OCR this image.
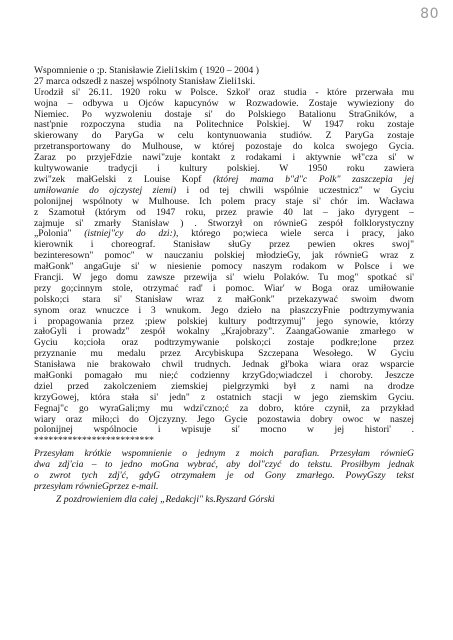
80
Wspomnienie o ;p. Stanisławie Zieli1skim ( 1920 – 2004 )
27 marca odszedł z naszej wspólnoty Stanisław Zieli1ski.
Urodził si' 26.11. 1920 roku w Polsce. Szkoł' oraz studia - które przerwała mu
wojna – odbywa u Ojców kapucynów w Rozwadowie. Zostaje wywieziony do
Niemiec. Po wyzwoleniu dostaje si' do Polskiego Batalionu StraGników, a
nast'pnie rozpoczyna studia na Politechnice Polskiej. W 1947 roku zostaje
skierowany do ParyGa w celu kontynuowania studiów. Z ParyGa zostaje
przetransportowany do Mulhouse, w której pozostaje do kolca swojego Gycia.
Zaraz po przyjeFdzie nawi"zuje kontakt z rodakami i aktywnie wł"cza si' w
kultywowanie tradycji i kultury polskiej. W 1950 roku zawiera
zwi"zek małGelski z Louise Kopf (której mama b"d"c Polk" zaszczepia jej
umiłowanie do ojczystej ziemi) i od tej chwili wspólnie uczestnicz" w Gyciu
polonijnej wspólnoty w Mulhouse. Ich polem pracy staje si' chór im. Wacława
z Szamotuł (którym od 1947 roku, przez prawie 40 lat – jako dyrygent –
zajmuje si' zmarły Stanisław ) . Stworzył on równieG zespół folklorystyczny
„Polonia" (istniej"cy do dzi:), którego po;wieca wiele serca i pracy, jako
kierownik i choreograf. Stanisław słuGy przez pewien okres swoj"
bezinteresown" pomoc" w nauczaniu polskiej młodzieGy, jak równieG wraz z
małGonk" angaGuje si' w niesienie pomocy naszym rodakom w Polsce i we
Francji. W jego domu zawsze przewija si' wielu Polaków. Tu mog" spotkać si'
przy go;cinnym stole, otrzymać rad' i pomoc. Wiar' w Boga oraz umiłowanie
polsko;ci stara si' Stanisław wraz z małGonk" przekazywać swoim dwom
synom oraz wnuczce i 3 wnukom. Jego dzieło na płaszczyFnie podtrzymywania
i propagowania przez ;piew polskiej kultury podtrzymuj" jego synowie, którzy
załoGyli i prowadz" zespół wokalny „Krajobrazy". ZaangaGowanie zmarłego w
Gyciu ko;cioła oraz podtrzymywanie polsko;ci zostaje podkre;lone przez
przyznanie mu medalu przez Arcybiskupa Szczepana Wesołego. W Gyciu
Stanisława nie brakowało chwil trudnych. Jednak gł'boka wiara oraz wsparcie
małGonki pomagało mu nie;ć codzienny krzyGdo;wiadczel i choroby. Jeszcze
dziel przed zakolczeniem ziemskiej pielgrzymki był z nami na drodze
krzyGowej, która stała si' jedn" z ostatnich stacji w jego ziemskim Gyciu.
Fegnaj"c go wyraGali;my mu wdzi'czno;ć za dobro, które czynił, za przykład
wiary oraz miło;ci do Ojczyzny. Jego Gycie pozostawia dobry owoc w naszej
polonijnej wspólnocie i wpisuje si' mocno w jej histori' .
*************************
Przesyłam krótkie wspomnienie o jednym z moich parafian. Przesyłam równieG
dwa zdj'cia – to jedno moGna wybrać, aby dol"czyć do tekstu. Prosiłbym jednak
o zwrot tych zdj'ć, gdyG otrzymałem je od Gony zmarłego. PowyGszy tekst
przesyłam równieGprzez e-mail.
Z pozdrowieniem dla całej „Redakcji" ks.Ryszard Górski
